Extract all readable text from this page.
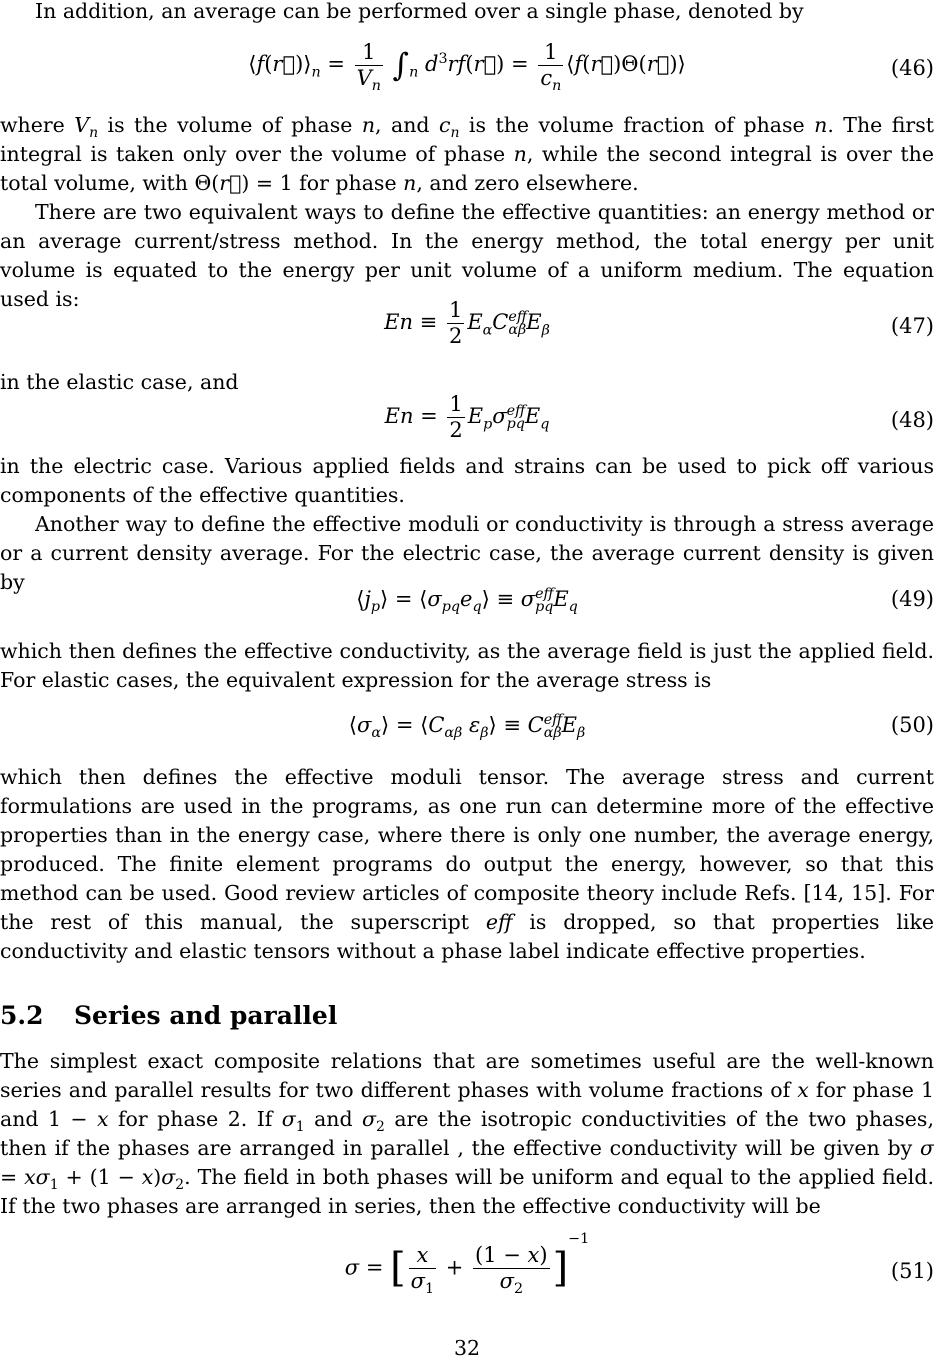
In addition, an average can be performed over a single phase, denoted by
$⟨f(r⃗)⟩_n = \frac{1}{V_n} \int_n$ $d^3rf(r⃗) = \frac{1}{c_n}$ ⟨f(r⃗)Θ(r⃗)⟩	(46)
where $V_n$ is the volume of phase n, and $c_n$ is the volume fraction of phase n. The first integral is taken only over the volume of phase n, while the second integral is over the total volume, with Θ(r⃗) = 1 for phase n, and zero elsewhere.
There are two equivalent ways to define the effective quantities: an energy method or an average current/stress method. In the energy method, the total energy per unit volume is equated to the energy per unit volume of a uniform medium. The equation used is:
$En \equiv \frac{1}{2} E_\alpha C^{eff}_{\alpha\beta}E_\beta$	(47)
in the elastic case, and
$En = \frac{1}{2} E_p\sigma^{eff}_{pq}E_q$	(48)
in the electric case. Various applied fields and strains can be used to pick off various components of the effective quantities.
Another way to define the effective moduli or conductivity is through a stress average or a current density average. For the electric case, the average current density is given by
$⟨j_p⟩$ = $⟨\sigma_{pq}e_q⟩ \equiv \sigma^{eff}_{pq}E_q$	(49)
which then defines the effective conductivity, as the average field is just the applied field. For elastic cases, the equivalent expression for the average stress is
$⟨\sigma_\alpha⟩$ = $⟨C_{\alpha\beta}$ $\varepsilon_\beta⟩ \equiv C^{eff}_{\alpha\beta}E_\beta$	(50)
which then defines the effective moduli tensor. The average stress and current formulations are used in the programs, as one run can determine more of the effective properties than in the energy case, where there is only one number, the average energy, produced. The finite element programs do output the energy, however, so that this method can be used. Good review articles of composite theory include Refs. [14, 15]. For the rest of this manual, the superscript eff is dropped, so that properties like conductivity and elastic tensors without a phase label indicate effective properties.
5.2 Series and parallel
The simplest exact composite relations that are sometimes useful are the well-known series and parallel results for two different phases with volume fractions of x for phase 1 and 1 − x for phase 2. If $\sigma_1$ and $\sigma_2$ are the isotropic conductivities of the two phases, then if the phases are arranged in parallel , the effective conductivity will be given by $\sigma = x\sigma_1 + (1 - x)\sigma_2$. The field in both phases will be uniform and equal to the applied field. If the two phases are arranged in series, then the effective conductivity will be
σ = [ $\frac{x}{\sigma_1} + \frac{(1 - x)}{\sigma_2} ]^{-1}$
(51)
32
